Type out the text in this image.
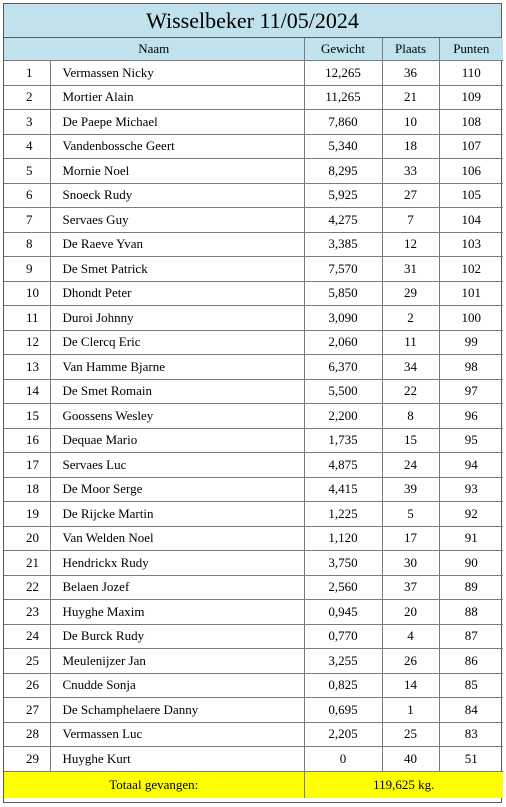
Wisselbeker 11/05/2024
Naam		Gewicht	Plaats	Punten
1	Vermassen Nicky	12,265	36	110
2	Mortier Alain	11,265	21	109
3	De Paepe Michael	7,860	10	108
4	Vandenbossche Geert	5,340	18	107
5	Mornie Noel	8,295	33	106
6	Snoeck Rudy	5,925	27	105
7	Servaes Guy	4,275	7	104
8	De Raeve Yvan	3,385	12	103
9	De Smet Patrick	7,570	31	102
10	Dhondt Peter	5,850	29	101
11	Duroi Johnny	3,090	2	100
12	De Clercq Eric	2,060	11	99
13	Van Hamme Bjarne	6,370	34	98
14	De Smet Romain	5,500	22	97
15	Goossens Wesley	2,200	8	96
16	Dequae Mario	1,735	15	95
17	Servaes Luc	4,875	24	94
18	De Moor Serge	4,415	39	93
19	De Rijcke Martin	1,225	5	92
20	Van Welden Noel	1,120	17	91
21	Hendrickx Rudy	3,750	30	90
22	Belaen Jozef	2,560	37	89
23	Huyghe Maxim	0,945	20	88
24	De Burck Rudy	0,770	4	87
25	Meulenijzer Jan	3,255	26	86
26	Cnudde Sonja	0,825	14	85
27	De Schamphelaere Danny	0,695	1	84
28	Vermassen Luc	2,205	25	83
29	Huyghe Kurt	0	40	51
Totaal gevangen:		119,625 kg.		
